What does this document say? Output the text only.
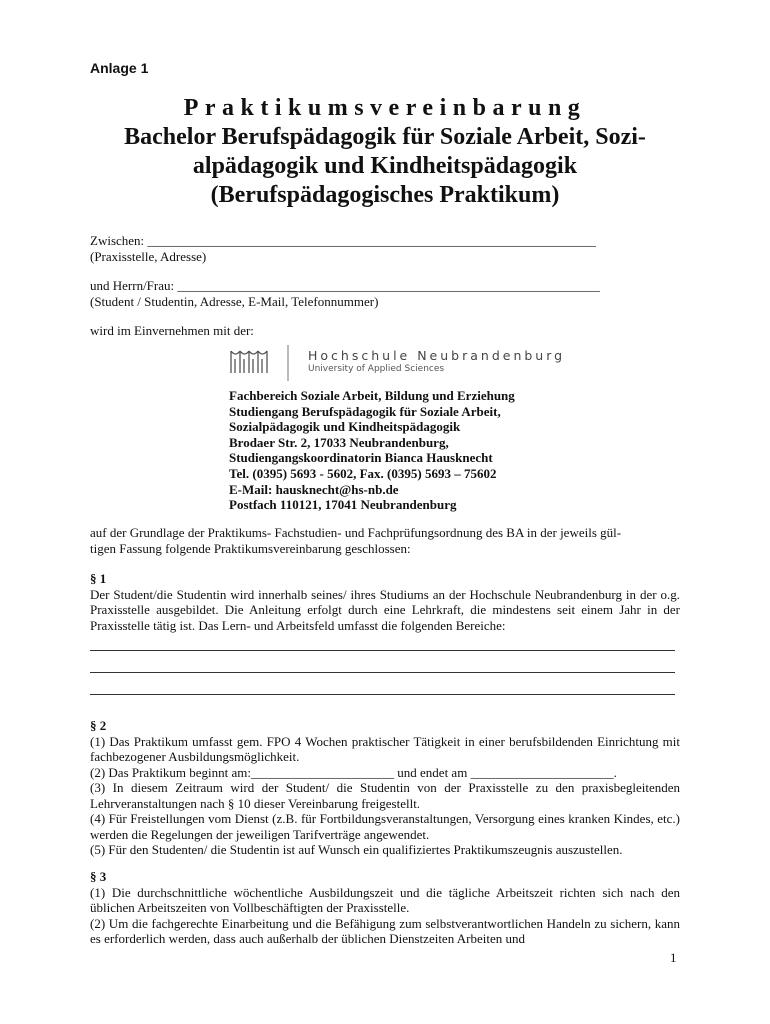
Anlage 1
Praktikumsvereinbarung
Bachelor Berufspädagogik für Soziale Arbeit, Sozi-
alpädagogik und Kindheitspädagogik
(Berufspädagogisches Praktikum)
Zwischen: _____________________________________________________________________
(Praxisstelle, Adresse)
und Herrn/Frau: _________________________________________________________________
(Student / Studentin, Adresse, E-Mail, Telefonnummer)
wird im Einvernehmen mit der:
Hochschule Neubrandenburg
University of Applied Sciences
Fachbereich Soziale Arbeit, Bildung und Erziehung
Studiengang Berufspädagogik für Soziale Arbeit,
Sozialpädagogik und Kindheitspädagogik
Brodaer Str. 2, 17033 Neubrandenburg,
Studiengangskoordinatorin Bianca Hausknecht
Tel. (0395) 5693 - 5602, Fax. (0395) 5693 – 75602
E-Mail: hausknecht@hs-nb.de
Postfach 110121, 17041 Neubrandenburg
auf der Grundlage der Praktikums- Fachstudien- und Fachprüfungsordnung des BA in der jeweils gül-
tigen Fassung folgende Praktikumsvereinbarung geschlossen:
§ 1

Der Student/die Studentin wird innerhalb seines/ ihres Studiums an der Hochschule Neubrandenburg in der o.g. Praxisstelle ausgebildet. Die Anleitung erfolgt durch eine Lehrkraft, die mindestens seit einem Jahr in der Praxisstelle tätig ist. Das Lern- und Arbeitsfeld umfasst die folgenden Bereiche:

§ 2

(1) Das Praktikum umfasst gem. FPO 4 Wochen praktischer Tätigkeit in einer berufsbildenden Einrichtung mit fachbezogener Ausbildungsmöglichkeit.

(2) Das Praktikum beginnt am:______________________ und endet am ______________________.

(3) In diesem Zeitraum wird der Student/ die Studentin von der Praxisstelle zu den praxisbegleitenden Lehrveranstaltungen nach § 10 dieser Vereinbarung freigestellt.

(4) Für Freistellungen vom Dienst (z.B. für Fortbildungsveranstaltungen, Versorgung eines kranken Kindes, etc.) werden die Regelungen der jeweiligen Tarifverträge angewendet.

(5) Für den Studenten/ die Studentin ist auf Wunsch ein qualifiziertes Praktikumszeugnis auszustellen.

§ 3

(1) Die durchschnittliche wöchentliche Ausbildungszeit und die tägliche Arbeitszeit richten sich nach den üblichen Arbeitszeiten von Vollbeschäftigten der Praxisstelle.

(2) Um die fachgerechte Einarbeitung und die Befähigung zum selbstverantwortlichen Handeln zu sichern, kann es erforderlich werden, dass auch außerhalb der üblichen Dienstzeiten Arbeiten und

1
